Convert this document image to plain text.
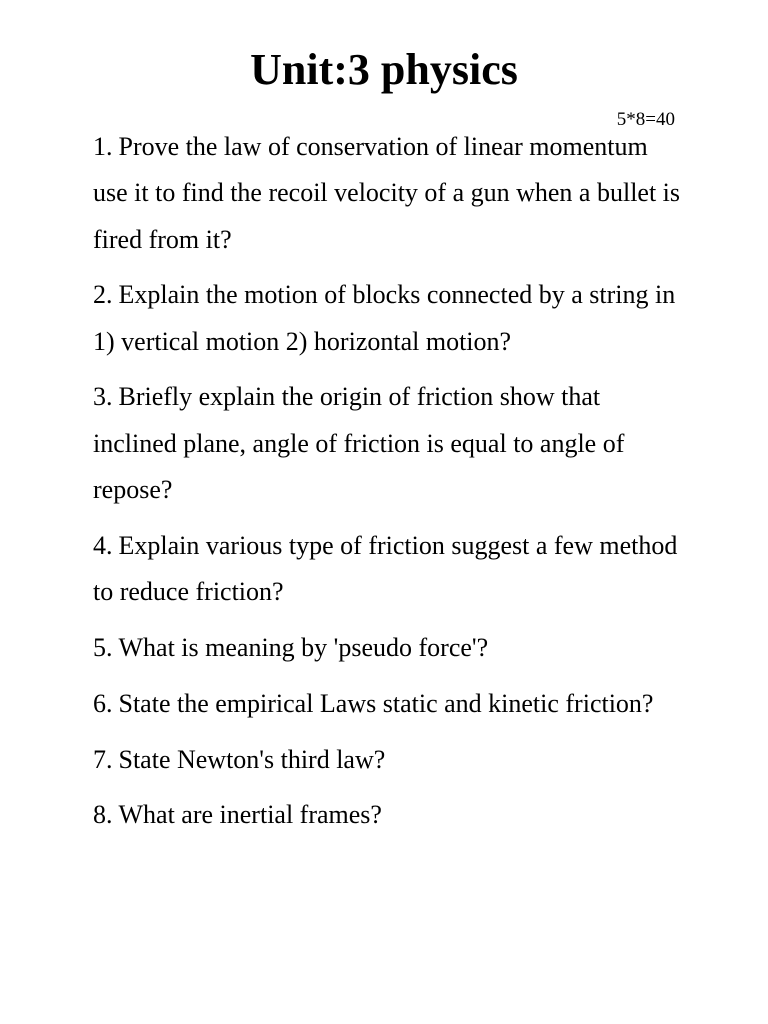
Unit:3 physics
5*8=40
1. Prove the law of conservation of linear momentum use it to find the recoil velocity of a gun when a bullet is fired from it?
2. Explain the motion of blocks connected by a string in 1) vertical motion 2) horizontal motion?
3. Briefly explain the origin of friction show that inclined plane, angle of friction is equal to angle of repose?
4. Explain various type of friction suggest a few method to reduce friction?
5. What is meaning by 'pseudo force'?
6. State the empirical Laws static and kinetic friction?
7. State Newton's third law?
8. What are inertial frames?
